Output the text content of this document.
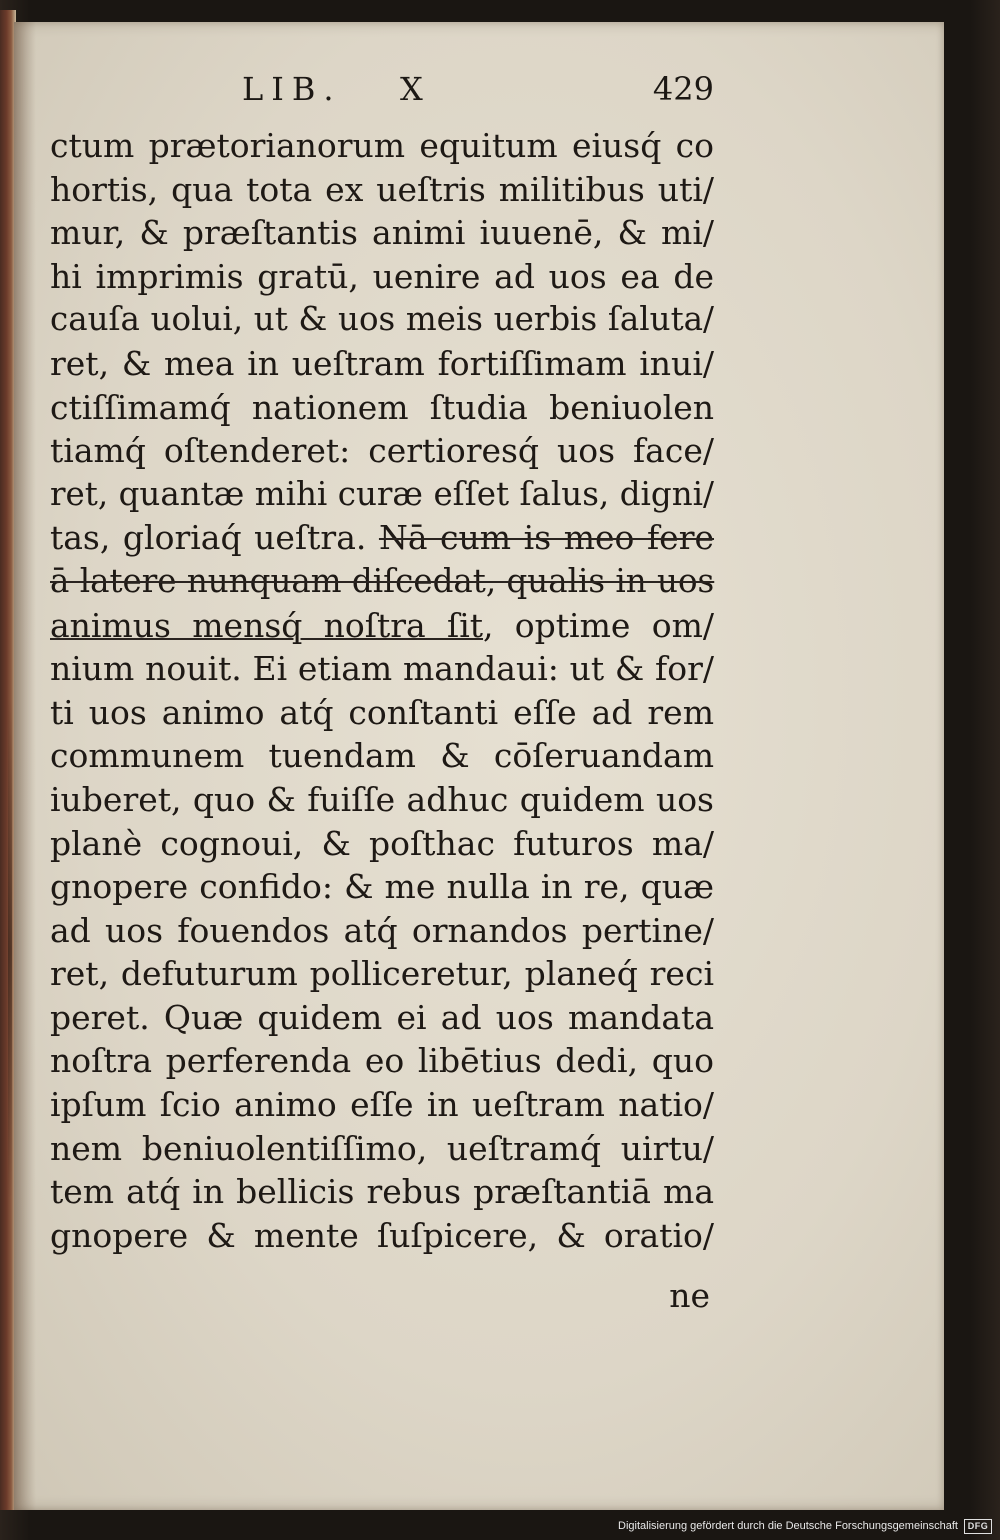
LIB. X	429
ctum prætorianorum equitum eiusq́ co
hortis, qua tota ex ueſtris militibus uti/
mur, & præſtantis animi iuuenē, & mi/
hi imprimis gratū, uenire ad uos ea de
cauſa uolui, ut & uos meis uerbis ſaluta/
ret, & mea in ueſtram fortiſſimam inui/
ctiſſimamq́ nationem ſtudia beniuolen
tiamq́ oſtenderet: certioresq́ uos face/
ret, quantæ mihi curæ eſſet ſalus, digni/
tas, gloriaq́ ueſtra. Nā cum is meo fere
ā latere nunquam diſcedat, qualis in uos
animus mensq́ noſtra ſit, optime om/
nium nouit. Ei etiam mandaui: ut & for/
ti uos animo atq́ conſtanti eſſe ad rem
communem tuendam & cōſeruandam
iuberet, quo & fuiſſe adhuc quidem uos
planè cognoui, & poſthac futuros ma/
gnopere confido: & me nulla in re, quæ
ad uos fouendos atq́ ornandos pertine/
ret, defuturum polliceretur, planeq́ reci
peret. Quæ quidem ei ad uos mandata
noſtra perferenda eo libētius dedi, quo
ipſum ſcio animo eſſe in ueſtram natio/
nem beniuolentiſſimo, ueſtramq́ uirtu/
tem atq́ in bellicis rebus præſtantiā ma
gnopere & mente ſuſpicere, & oratio/
ne
Digitalisierung gefördert durch die Deutsche Forschungsgemeinschaft	DFG
